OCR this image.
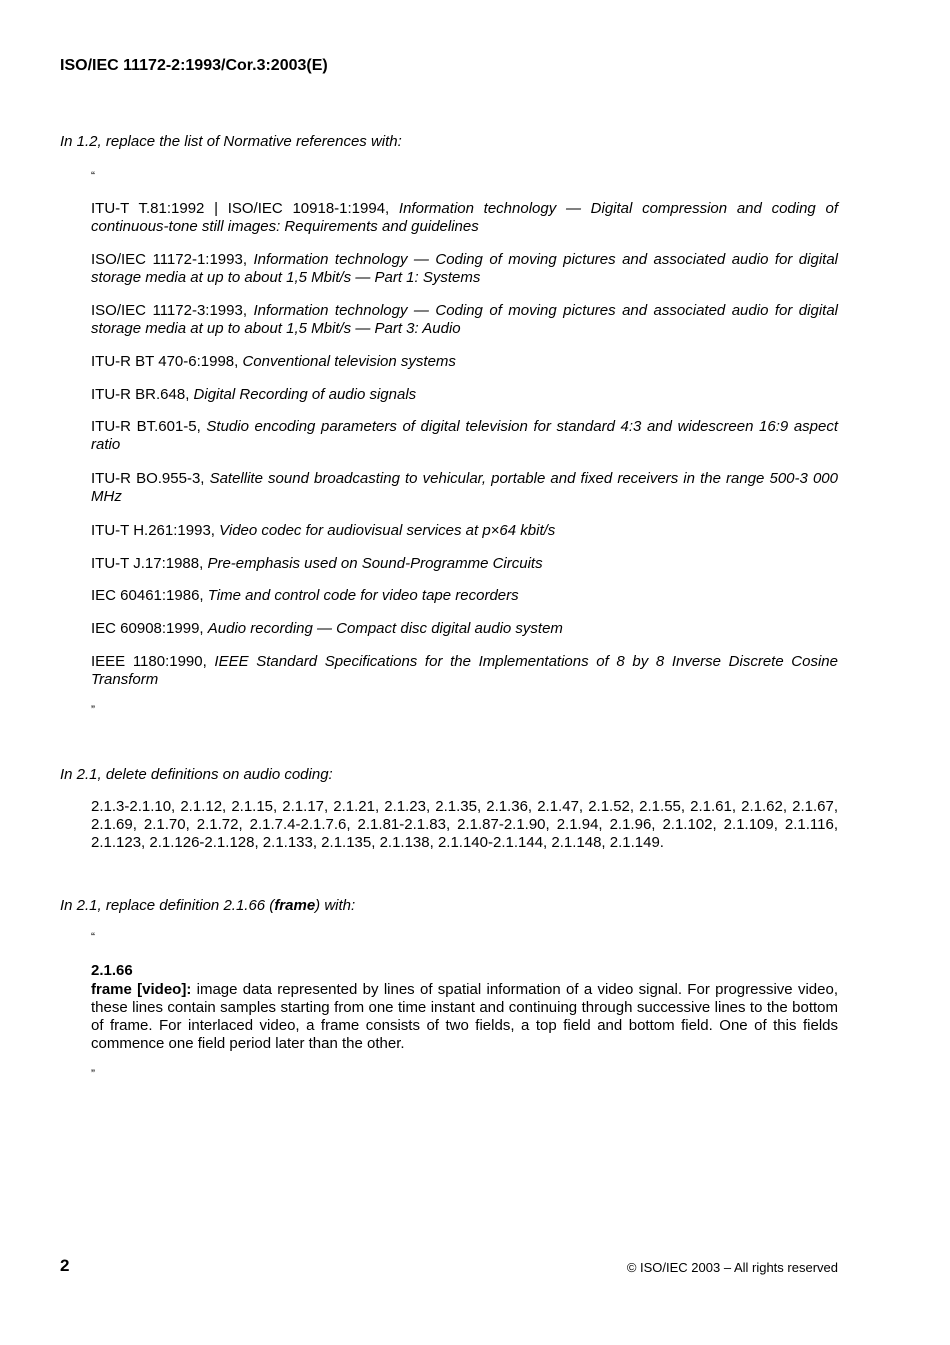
ISO/IEC 11172-2:1993/Cor.3:2003(E)
In 1.2, replace the list of Normative references with:
“
ITU-T T.81:1992 | ISO/IEC 10918-1:1994, Information technology — Digital compression and coding of continuous-tone still images: Requirements and guidelines
ISO/IEC 11172-1:1993, Information technology — Coding of moving pictures and associated audio for digital storage media at up to about 1,5 Mbit/s — Part 1: Systems
ISO/IEC 11172-3:1993, Information technology — Coding of moving pictures and associated audio for digital storage media at up to about 1,5 Mbit/s — Part 3: Audio
ITU-R BT 470-6:1998, Conventional television systems
ITU-R BR.648, Digital Recording of audio signals
ITU-R BT.601-5, Studio encoding parameters of digital television for standard 4:3 and widescreen 16:9 aspect ratio
ITU-R BO.955-3, Satellite sound broadcasting to vehicular, portable and fixed receivers in the range 500-3 000 MHz
ITU-T H.261:1993, Video codec for audiovisual services at p×64 kbit/s
ITU-T J.17:1988, Pre-emphasis used on Sound-Programme Circuits
IEC 60461:1986, Time and control code for video tape recorders
IEC 60908:1999, Audio recording — Compact disc digital audio system
IEEE 1180:1990, IEEE Standard Specifications for the Implementations of 8 by 8 Inverse Discrete Cosine Transform
”
In 2.1, delete definitions on audio coding:
2.1.3-2.1.10, 2.1.12, 2.1.15, 2.1.17, 2.1.21, 2.1.23, 2.1.35, 2.1.36, 2.1.47, 2.1.52, 2.1.55, 2.1.61, 2.1.62, 2.1.67, 2.1.69, 2.1.70, 2.1.72, 2.1.7.4-2.1.7.6, 2.1.81-2.1.83, 2.1.87-2.1.90, 2.1.94, 2.1.96, 2.1.102, 2.1.109, 2.1.116, 2.1.123, 2.1.126-2.1.128, 2.1.133, 2.1.135, 2.1.138, 2.1.140-2.1.144, 2.1.148, 2.1.149.
In 2.1, replace definition 2.1.66 (frame) with:
“
2.1.66
frame [video]: image data represented by lines of spatial information of a video signal. For progressive video, these lines contain samples starting from one time instant and continuing through successive lines to the bottom of frame. For interlaced video, a frame consists of two fields, a top field and bottom field. One of this fields commence one field period later than the other.
”
2	© ISO/IEC 2003 – All rights reserved
